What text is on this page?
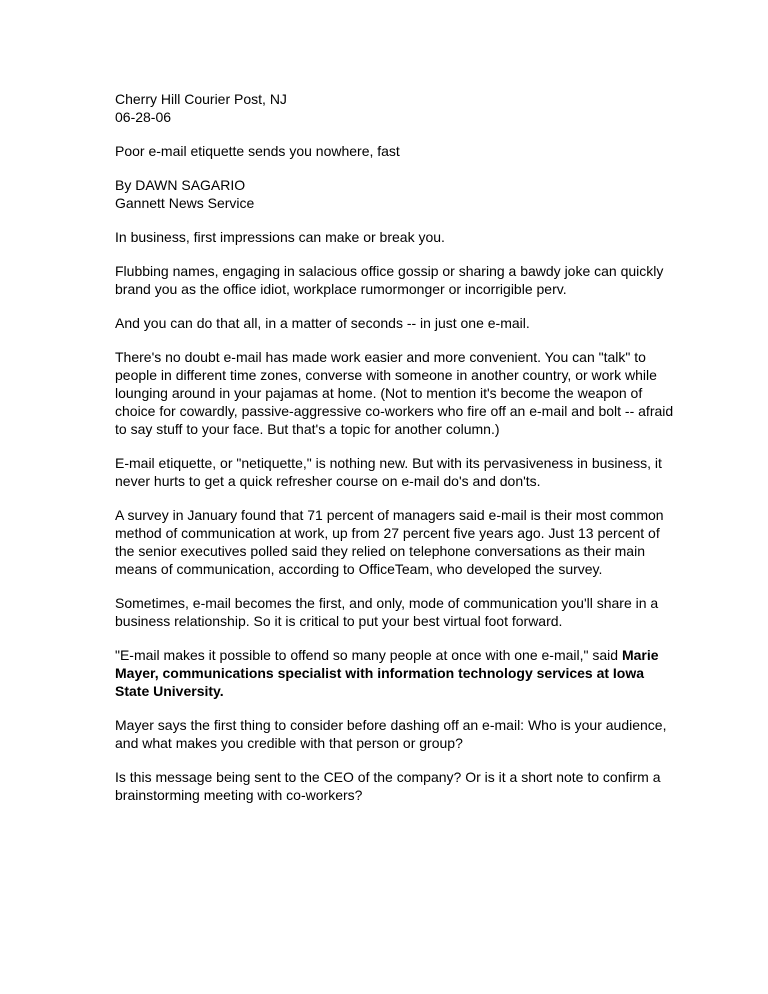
Cherry Hill Courier Post, NJ
06-28-06
Poor e-mail etiquette sends you nowhere, fast
By DAWN SAGARIO
Gannett News Service

In business, first impressions can make or break you.

Flubbing names, engaging in salacious office gossip or sharing a bawdy joke can quickly brand you as the office idiot, workplace rumormonger or incorrigible perv.

And you can do that all, in a matter of seconds -- in just one e-mail.

There's no doubt e-mail has made work easier and more convenient. You can "talk" to people in different time zones, converse with someone in another country, or work while lounging around in your pajamas at home. (Not to mention it's become the weapon of choice for cowardly, passive-aggressive co-workers who fire off an e-mail and bolt -- afraid to say stuff to your face. But that's a topic for another column.)

E-mail etiquette, or "netiquette," is nothing new. But with its pervasiveness in business, it never hurts to get a quick refresher course on e-mail do's and don'ts.

A survey in January found that 71 percent of managers said e-mail is their most common method of communication at work, up from 27 percent five years ago. Just 13 percent of the senior executives polled said they relied on telephone conversations as their main means of communication, according to OfficeTeam, who developed the survey.

Sometimes, e-mail becomes the first, and only, mode of communication you'll share in a business relationship. So it is critical to put your best virtual foot forward.

"E-mail makes it possible to offend so many people at once with one e-mail," said Marie Mayer, communications specialist with information technology services at Iowa State University.

Mayer says the first thing to consider before dashing off an e-mail: Who is your audience, and what makes you credible with that person or group?

Is this message being sent to the CEO of the company? Or is it a short note to confirm a brainstorming meeting with co-workers?
